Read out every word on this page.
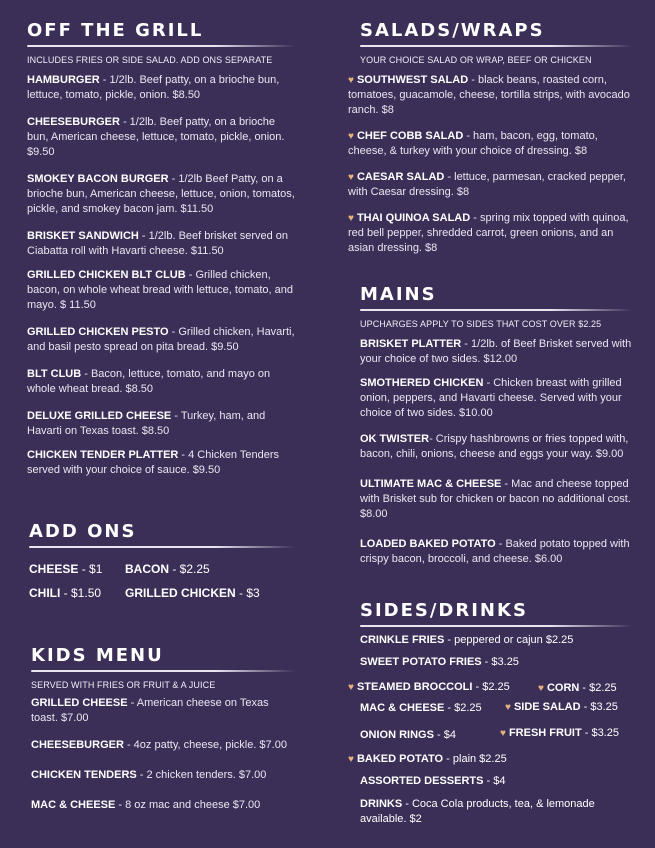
OFF THE GRILL

INCLUDES FRIES OR SIDE SALAD. ADD ONS SEPARATE

HAMBURGER - 1/2lb. Beef patty, on a brioche bun, lettuce, tomato, pickle, onion. $8.50
CHEESEBURGER - 1/2lb. Beef patty, on a brioche bun, American cheese, lettuce, tomato, pickle, onion. $9.50
SMOKEY BACON BURGER - 1/2lb Beef Patty, on a brioche bun, American cheese, lettuce, onion, tomatos, pickle, and smokey bacon jam. $11.50
BRISKET SANDWICH - 1/2lb. Beef brisket served on Ciabatta roll with Havarti cheese. $11.50
GRILLED CHICKEN BLT CLUB - Grilled chicken, bacon, on whole wheat bread with lettuce, tomato, and mayo. $ 11.50
GRILLED CHICKEN PESTO - Grilled chicken, Havarti, and basil pesto spread on pita bread. $9.50
BLT CLUB - Bacon, lettuce, tomato, and mayo on whole wheat bread. $8.50
DELUXE GRILLED CHEESE - Turkey, ham, and Havarti on Texas toast. $8.50
CHICKEN TENDER PLATTER - 4 Chicken Tenders served with your choice of sauce. $9.50
ADD ONS
CHEESE - $1	BACON - $2.25
CHILI - $1.50	GRILLED CHICKEN - $3
KIDS MENU

SERVED WITH FRIES OR FRUIT & A JUICE

GRILLED CHEESE - American cheese on Texas toast. $7.00
CHEESEBURGER - 4oz patty, cheese, pickle. $7.00
CHICKEN TENDERS - 2 chicken tenders. $7.00
MAC & CHEESE - 8 oz mac and cheese $7.00
SALADS/WRAPS

YOUR CHOICE SALAD OR WRAP, BEEF OR CHICKEN

♥ SOUTHWEST SALAD - black beans, roasted corn, tomatoes, guacamole, cheese, tortilla strips, with avocado ranch. $8
♥ CHEF COBB SALAD - ham, bacon, egg, tomato, cheese, & turkey with your choice of dressing. $8
♥ CAESAR SALAD - lettuce, parmesan, cracked pepper, with Caesar dressing. $8
♥ THAI QUINOA SALAD - spring mix topped with quinoa, red bell pepper, shredded carrot, green onions, and an asian dressing. $8
MAINS

UPCHARGES APPLY TO SIDES THAT COST OVER $2.25

BRISKET PLATTER - 1/2lb. of Beef Brisket served with your choice of two sides. $12.00
SMOTHERED CHICKEN - Chicken breast with grilled onion, peppers, and Havarti cheese. Served with your choice of two sides. $10.00
OK TWISTER- Crispy hashbrowns or fries topped with, bacon, chili, onions, cheese and eggs your way. $9.00
ULTIMATE MAC & CHEESE - Mac and cheese topped with Brisket sub for chicken or bacon no additional cost. $8.00
LOADED BAKED POTATO - Baked potato topped with crispy bacon, broccoli, and cheese. $6.00
SIDES/DRINKS
CRINKLE FRIES - peppered or cajun $2.25
SWEET POTATO FRIES - $3.25
♥ STEAMED BROCCOLI - $2.25	♥ CORN - $2.25
MAC & CHEESE - $2.25 ♥ SIDE SALAD - $3.25
ONION RINGS - $4	♥ FRESH FRUIT - $3.25
♥ BAKED POTATO - plain $2.25
ASSORTED DESSERTS - $4
DRINKS - Coca Cola products, tea, & lemonade available. $2
